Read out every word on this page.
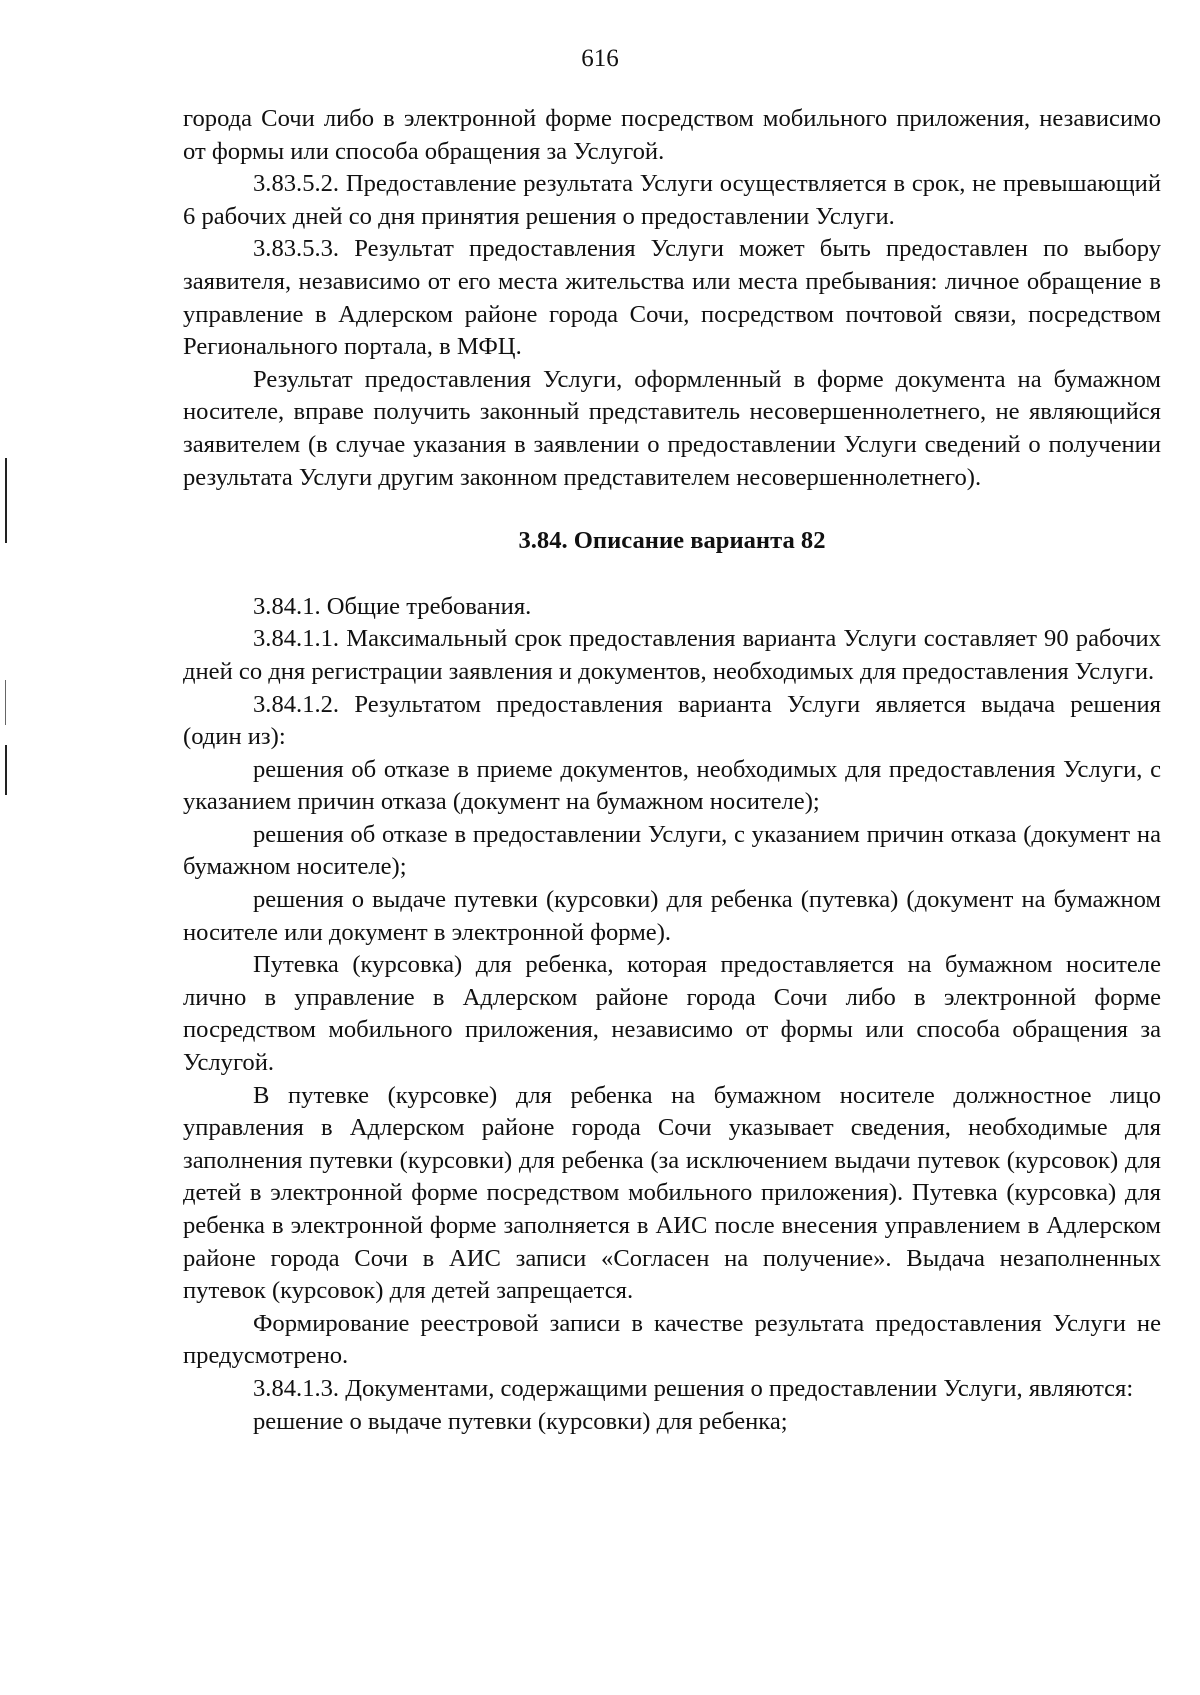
616

города Сочи либо в электронной форме посредством мобильного приложения, независимо от формы или способа обращения за Услугой.

3.83.5.2. Предоставление результата Услуги осуществляется в срок, не превышающий 6 рабочих дней со дня принятия решения о предоставлении Услуги.

3.83.5.3. Результат предоставления Услуги может быть предоставлен по выбору заявителя, независимо от его места жительства или места пребывания: личное обращение в управление в Адлерском районе города Сочи, посредством почтовой связи, посредством Регионального портала, в МФЦ.

Результат предоставления Услуги, оформленный в форме документа на бумажном носителе, вправе получить законный представитель несовершеннолетнего, не являющийся заявителем (в случае указания в заявлении о предоставлении Услуги сведений о получении результата Услуги другим законном представителем несовершеннолетнего).

3.84. Описание варианта 82

3.84.1. Общие требования.

3.84.1.1. Максимальный срок предоставления варианта Услуги составляет 90 рабочих дней со дня регистрации заявления и документов, необходимых для предоставления Услуги.

3.84.1.2. Результатом предоставления варианта Услуги является выдача решения (один из):

решения об отказе в приеме документов, необходимых для предоставления Услуги, с указанием причин отказа (документ на бумажном носителе);

решения об отказе в предоставлении Услуги, с указанием причин отказа (документ на бумажном носителе);

решения о выдаче путевки (курсовки) для ребенка (путевка) (документ на бумажном носителе или документ в электронной форме).

Путевка (курсовка) для ребенка, которая предоставляется на бумажном носителе лично в управление в Адлерском районе города Сочи либо в электронной форме посредством мобильного приложения, независимо от формы или способа обращения за Услугой.

В путевке (курсовке) для ребенка на бумажном носителе должностное лицо управления в Адлерском районе города Сочи указывает сведения, необходимые для заполнения путевки (курсовки) для ребенка (за исключением выдачи путевок (курсовок) для детей в электронной форме посредством мобильного приложения). Путевка (курсовка) для ребенка в электронной форме заполняется в АИС после внесения управлением в Адлерском районе города Сочи в АИС записи «Согласен на получение». Выдача незаполненных путевок (курсовок) для детей запрещается.

Формирование реестровой записи в качестве результата предоставления Услуги не предусмотрено.

3.84.1.3. Документами, содержащими решения о предоставлении Услуги, являются:

решение о выдаче путевки (курсовки) для ребенка;
